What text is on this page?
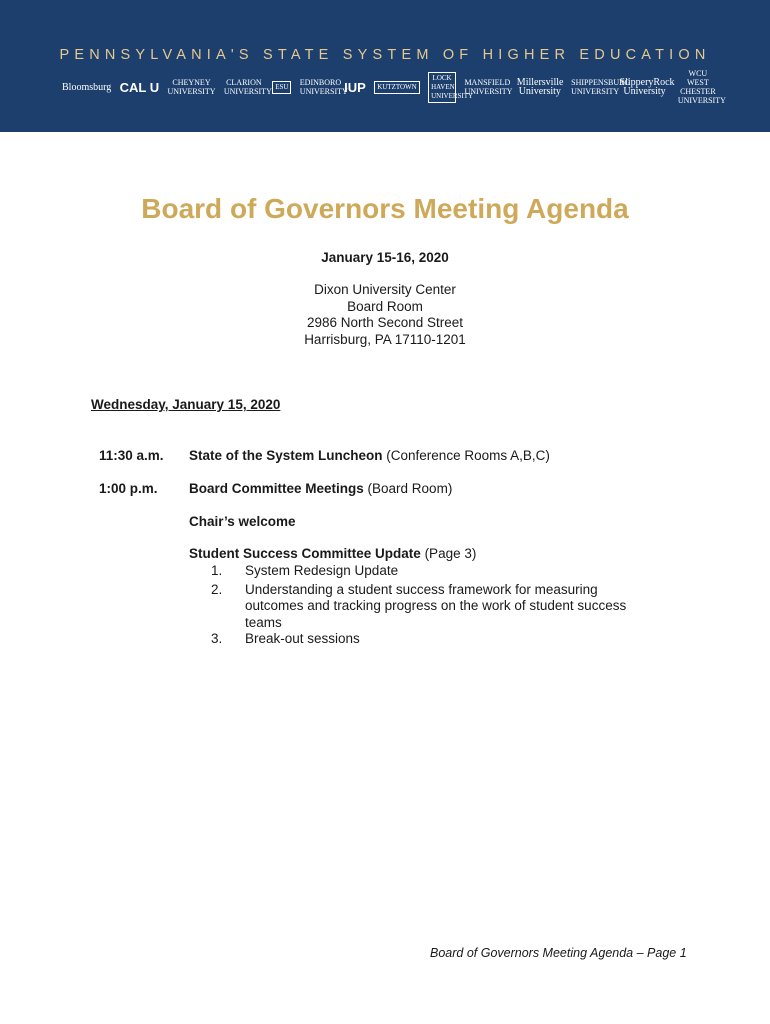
PENNSYLVANIA'S STATE SYSTEM OF HIGHER EDUCATION
Bloomsburg CAL U	CHEYNEY UNIVERSITY
CLARION UNIVERSITY
ESU	EDINBORO UNIVERSITY
IUP	KUTZTOWN
LOCK HAVEN UNIVERSITY
MANSFIELD UNIVERSITY
Millersville University
SHIPPENSBURG UNIVERSITY
SlipperyRock University
WCU WEST CHESTER UNIVERSITY
Board of Governors Meeting Agenda
January 15-16, 2020
Dixon University Center
Board Room
2986 North Second Street
Harrisburg, PA 17110-1201
Wednesday, January 15, 2020
11:30 a.m. State of the System Luncheon (Conference Rooms A,B,C)
1:00 p.m. Board Committee Meetings (Board Room)
Chair’s welcome
Student Success Committee Update (Page 3)
1.	System Redesign Update
2.	Understanding a student success framework for measuring outcomes and tracking progress on the work of student success teams
3.	Break-out sessions
Board of Governors Meeting Agenda – Page 1
